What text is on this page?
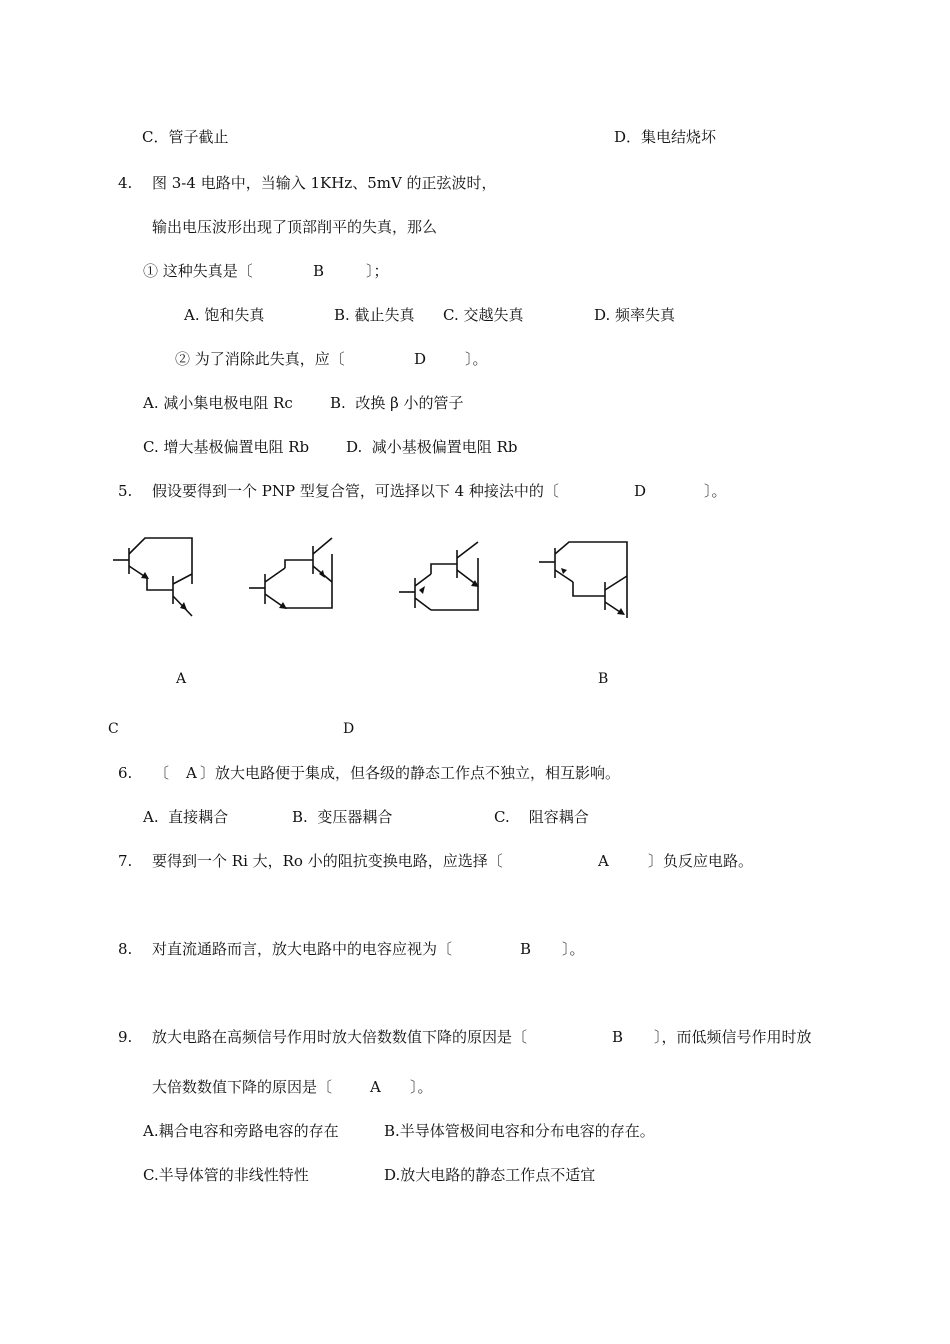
C．管子截止	D．集电结烧坏
4. 图 3-4 电路中，当输入 1KHz、5mV 的正弦波时，
输出电压波形出现了顶部削平的失真，那么
① 这种失真是〔	B	〕；
A. 饱和失真	B. 截止失真 C. 交越失真	D. 频率失真
② 为了消除此失真，应〔	D	〕。
A. 减小集电极电阻 Rc B.  改换 β 小的管子
C. 增大基极偏置电阻 Rb D.  减小基极偏置电阻 Rb
5. 假设要得到一个 PNP 型复合管，可选择以下 4 种接法中的〔	D	〕。
A	B
C	D
6. 〔 A 〕放大电路便于集成，但各级的静态工作点不独立，相互影响。
A.  直接耦合	B.  变压器耦合	C.    阻容耦合
7. 要得到一个 Ri 大，Ro 小的阻抗变换电路，应选择〔	A	〕负反应电路。
8. 对直流通路而言，放大电路中的电容应视为〔	B 〕。
9. 放大电路在高频信号作用时放大倍数数值下降的原因是〔	B 〕，而低频信号作用时放
大倍数数值下降的原因是〔	A 〕。
A.耦合电容和旁路电容的存在	B.半导体管极间电容和分布电容的存在。
C.半导体管的非线性特性	D.放大电路的静态工作点不适宜
